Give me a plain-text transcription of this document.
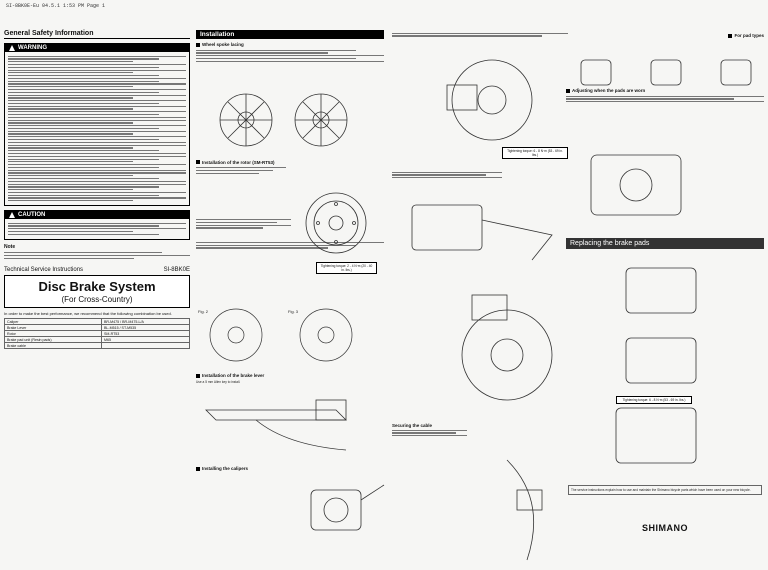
SI-8BK0E-Eu 04.5.1 1:53 PM Page 1
General Safety Information
WARNING
CAUTION
Note
Technical Service Instructions	SI-8BK0E
Disc Brake System
(For Cross-Country)
In order to make the best performance, we recommend that the following combination be used.
Caliper	BR-M475 / BR-M475-L/A
Brake Lever	BL-M515 / ST-M535
Rotor	SM-RT53
Brake pad unit (Resin pads)	M65
Brake cable	
Installation
Wheel spoke lacing
Installation of the rotor (SM-RT53)
Tightening torque: 2 - 4 N·m (20 - 40 in. lbs.)
Fig. 2	Fig. 3
Installation of the brake lever
Use a 5 mm Allen key to install.
Installing the calipers
Tightening torque: 6 - 8 N·m (53 - 69 in. lbs.)
Securing the cable
For pad types
Adjusting when the pads are worn
Replacing the brake pads
Tightening torque: 6 - 8 N·m (53 - 69 in. lbs.)
The service instructions explain how to use and maintain the Shimano bicycle parts which have been used on your new bicycle.
SHIMANO
